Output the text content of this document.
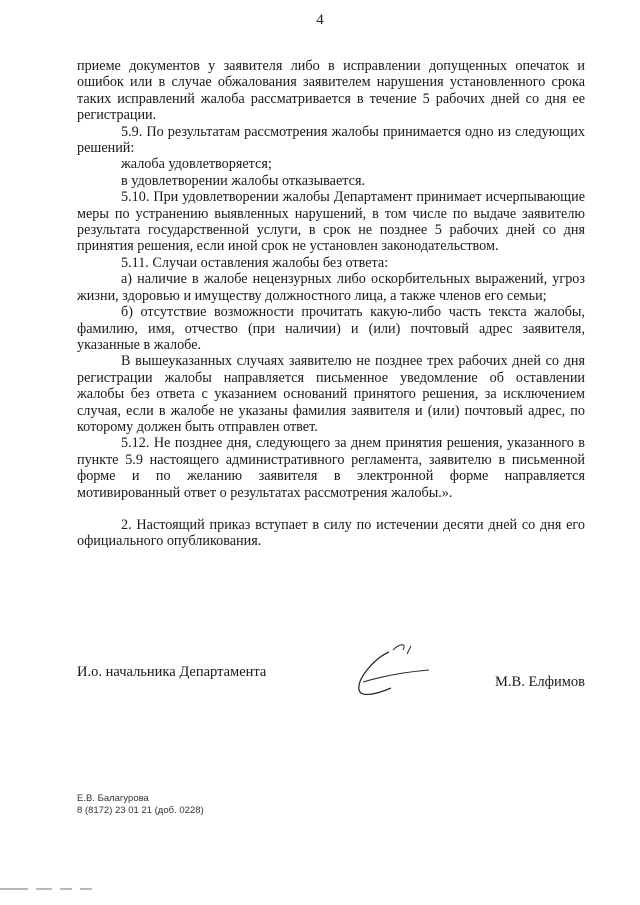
4

приеме документов у заявителя либо в исправлении допущенных опечаток и ошибок или в случае обжалования заявителем нарушения установленного срока таких исправлений жалоба рассматривается в течение 5 рабочих дней со дня ее регистрации.

5.9. По результатам рассмотрения жалобы принимается одно из следующих решений:

жалоба удовлетворяется;

в удовлетворении жалобы отказывается.

5.10. При удовлетворении жалобы Департамент принимает исчерпывающие меры по устранению выявленных нарушений, в том числе по выдаче заявителю результата государственной услуги, в срок не позднее 5 рабочих дней со дня принятия решения, если иной срок не установлен законодательством.

5.11. Случаи оставления жалобы без ответа:

а) наличие в жалобе нецензурных либо оскорбительных выражений, угроз жизни, здоровью и имуществу должностного лица, а также членов его семьи;

б) отсутствие возможности прочитать какую-либо часть текста жалобы, фамилию, имя, отчество (при наличии) и (или) почтовый адрес заявителя, указанные в жалобе.

В вышеуказанных случаях заявителю не позднее трех рабочих дней со дня регистрации жалобы направляется письменное уведомление об оставлении жалобы без ответа с указанием оснований принятого решения, за исключением случая, если в жалобе не указаны фамилия заявителя и (или) почтовый адрес, по которому должен быть отправлен ответ.

5.12. Не позднее дня, следующего за днем принятия решения, указанного в пункте 5.9 настоящего административного регламента, заявителю в письменной форме и по желанию заявителя в электронной форме направляется мотивированный ответ о результатах рассмотрения жалобы.».

2. Настоящий приказ вступает в силу по истечении десяти дней со дня его официального опубликования.

И.о. начальника Департамента
М.В. Елфимов
Е.В. Балагурова
8 (8172) 23 01 21 (доб. 0228)
